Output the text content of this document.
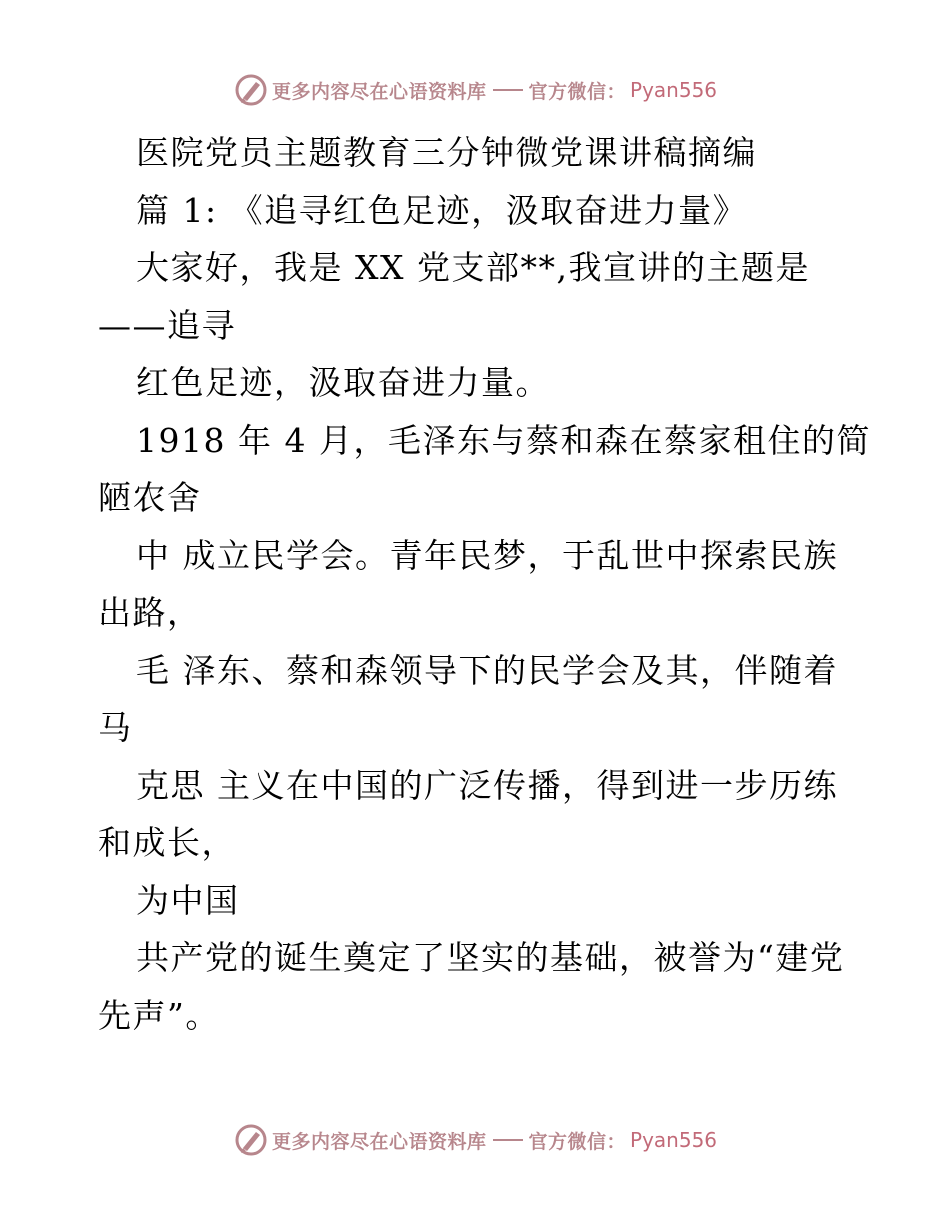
更多内容尽在心语资料库 官方微信： Pyan556
医院党员主题教育三分钟微党课讲稿摘编
篇 1: 《追寻红色足迹，汲取奋进力量》
大家好，我是 XX 党支部**,我宣讲的主题是
——追寻
红色足迹，汲取奋进力量。
1918 年 4 月，毛泽东与蔡和森在蔡家租住的简
陋农舍
中 成立民学会。青年民梦，于乱世中探索民族
出路，
毛 泽东、蔡和森领导下的民学会及其，伴随着
马
克思 主义在中国的广泛传播，得到进一步历练
和成长，
为中国
共产党的诞生奠定了坚实的基础，被誉为“建党
先声”。
更多内容尽在心语资料库 官方微信： Pyan556
